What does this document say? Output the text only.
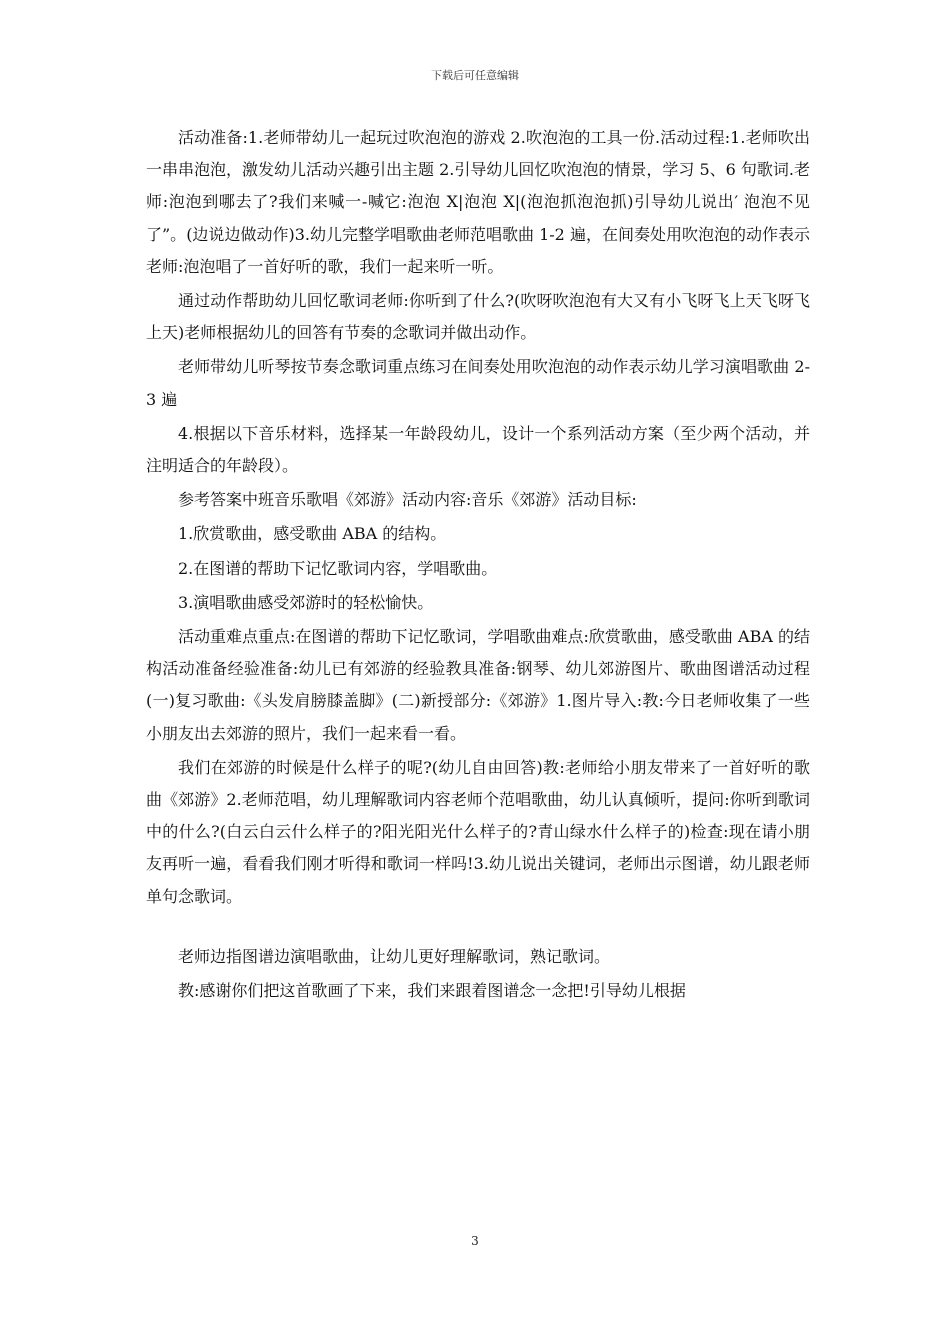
下载后可任意编辑

活动准备:1.老师带幼儿一起玩过吹泡泡的游戏 2.吹泡泡的工具一份.活动过程:1.老师吹出一串串泡泡，激发幼儿活动兴趣引出主题 2.引导幼儿回忆吹泡泡的情景，学习 5、6 句歌词.老师:泡泡到哪去了?我们来喊一-喊它:泡泡 X|泡泡 X|(泡泡抓泡泡抓)引导幼儿说出′ 泡泡不见了”。(边说边做动作)3.幼儿完整学唱歌曲老师范唱歌曲 1-2 遍，在间奏处用吹泡泡的动作表示老师:泡泡唱了一首好听的歌，我们一起来听一听。

通过动作帮助幼儿回忆歌词老师:你听到了什么?(吹呀吹泡泡有大又有小飞呀飞上天飞呀飞上天)老师根据幼儿的回答有节奏的念歌词并做出动作。

老师带幼儿听琴按节奏念歌词重点练习在间奏处用吹泡泡的动作表示幼儿学习演唱歌曲 2-3 遍

4.根据以下音乐材料，选择某一年龄段幼儿，设计一个系列活动方案（至少两个活动，并注明适合的年龄段）。

参考答案中班音乐歌唱《郊游》活动内容:音乐《郊游》活动目标:

1.欣赏歌曲，感受歌曲 ABA 的结构。

2.在图谱的帮助下记忆歌词内容，学唱歌曲。

3.演唱歌曲感受郊游时的轻松愉快。

活动重难点重点:在图谱的帮助下记忆歌词，学唱歌曲难点:欣赏歌曲，感受歌曲 ABA 的结构活动准备经验准备:幼儿已有郊游的经验教具准备:钢琴、幼儿郊游图片、歌曲图谱活动过程(一)复习歌曲:《头发肩膀膝盖脚》(二)新授部分:《郊游》1.图片导入:教:今日老师收集了一些小朋友出去郊游的照片，我们一起来看一看。

我们在郊游的时候是什么样子的呢?(幼儿自由回答)教:老师给小朋友带来了一首好听的歌曲《郊游》2.老师范唱，幼儿理解歌词内容老师个范唱歌曲，幼儿认真倾听，提问:你听到歌词中的什么?(白云白云什么样子的?阳光阳光什么样子的?青山绿水什么样子的)检查:现在请小朋友再听一遍，看看我们刚才听得和歌词一样吗!3.幼儿说出关键词，老师出示图谱，幼儿跟老师单句念歌词。

老师边指图谱边演唱歌曲，让幼儿更好理解歌词，熟记歌词。

教:感谢你们把这首歌画了下来，我们来跟着图谱念一念把!引导幼儿根据

3
